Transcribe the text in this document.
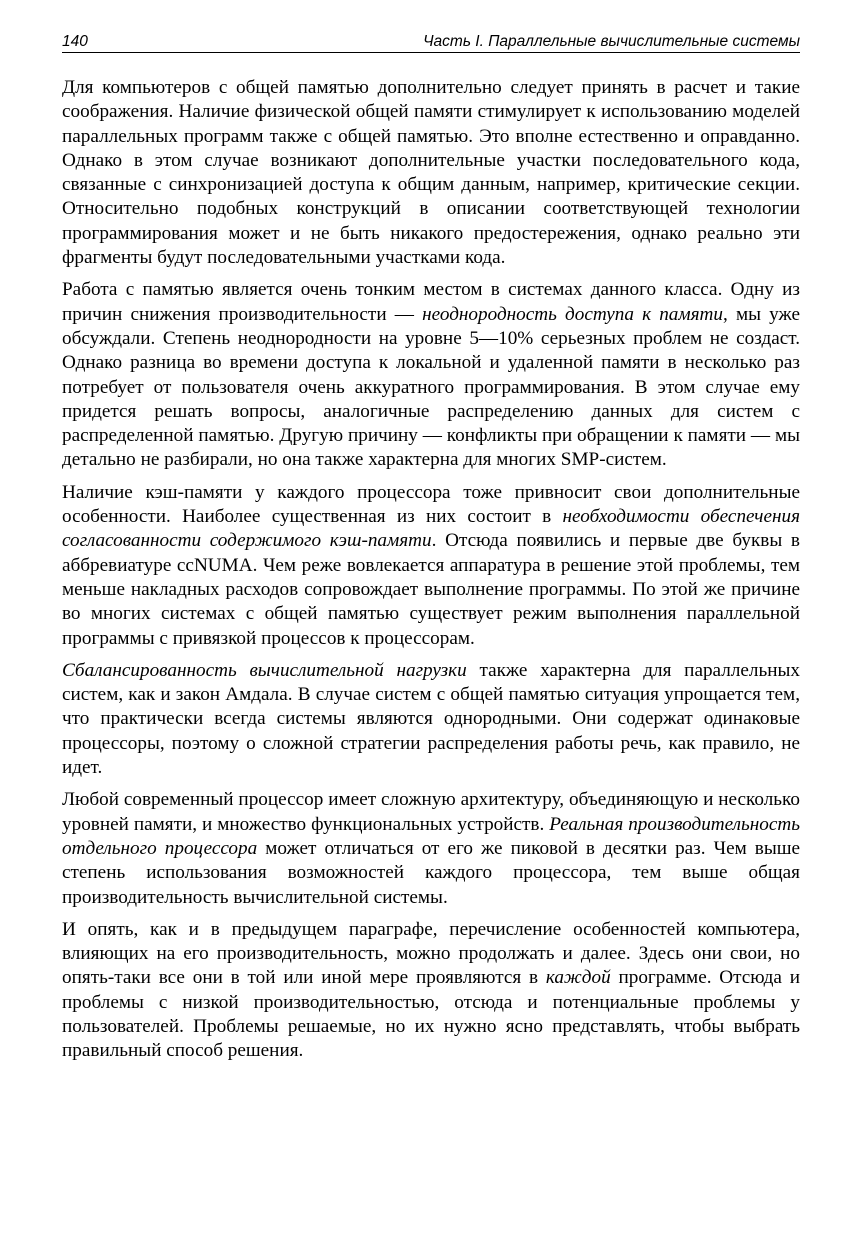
140	Часть I. Параллельные вычислительные системы

Для компьютеров с общей памятью дополнительно следует принять в расчет и такие соображения. Наличие физической общей памяти стимулирует к использованию моделей параллельных программ также с общей памятью. Это вполне естественно и оправданно. Однако в этом случае возникают дополнительные участки последовательного кода, связанные с синхронизацией доступа к общим данным, например, критические секции. Относительно подобных конструкций в описании соответствующей технологии программирования может и не быть никакого предостережения, однако реально эти фрагменты будут последовательными участками кода.

Работа с памятью является очень тонким местом в системах данного класса. Одну из причин снижения производительности — неоднородность доступа к памяти, мы уже обсуждали. Степень неоднородности на уровне 5—10% серьезных проблем не создаст. Однако разница во времени доступа к локальной и удаленной памяти в несколько раз потребует от пользователя очень аккуратного программирования. В этом случае ему придется решать вопросы, аналогичные распределению данных для систем с распределенной памятью. Другую причину — конфликты при обращении к памяти — мы детально не разбирали, но она также характерна для многих SMP-систем.

Наличие кэш-памяти у каждого процессора тоже привносит свои дополнительные особенности. Наиболее существенная из них состоит в необходимости обеспечения согласованности содержимого кэш-памяти. Отсюда появились и первые две буквы в аббревиатуре ccNUMA. Чем реже вовлекается аппаратура в решение этой проблемы, тем меньше накладных расходов сопровождает выполнение программы. По этой же причине во многих системах с общей памятью существует режим выполнения параллельной программы с привязкой процессов к процессорам.

Сбалансированность вычислительной нагрузки также характерна для параллельных систем, как и закон Амдала. В случае систем с общей памятью ситуация упрощается тем, что практически всегда системы являются однородными. Они содержат одинаковые процессоры, поэтому о сложной стратегии распределения работы речь, как правило, не идет.

Любой современный процессор имеет сложную архитектуру, объединяющую и несколько уровней памяти, и множество функциональных устройств. Реальная производительность отдельного процессора может отличаться от его же пиковой в десятки раз. Чем выше степень использования возможностей каждого процессора, тем выше общая производительность вычислительной системы.

И опять, как и в предыдущем параграфе, перечисление особенностей компьютера, влияющих на его производительность, можно продолжать и далее. Здесь они свои, но опять-таки все они в той или иной мере проявляются в каждой программе. Отсюда и проблемы с низкой производительностью, отсюда и потенциальные проблемы у пользователей. Проблемы решаемые, но их нужно ясно представлять, чтобы выбрать правильный способ решения.
